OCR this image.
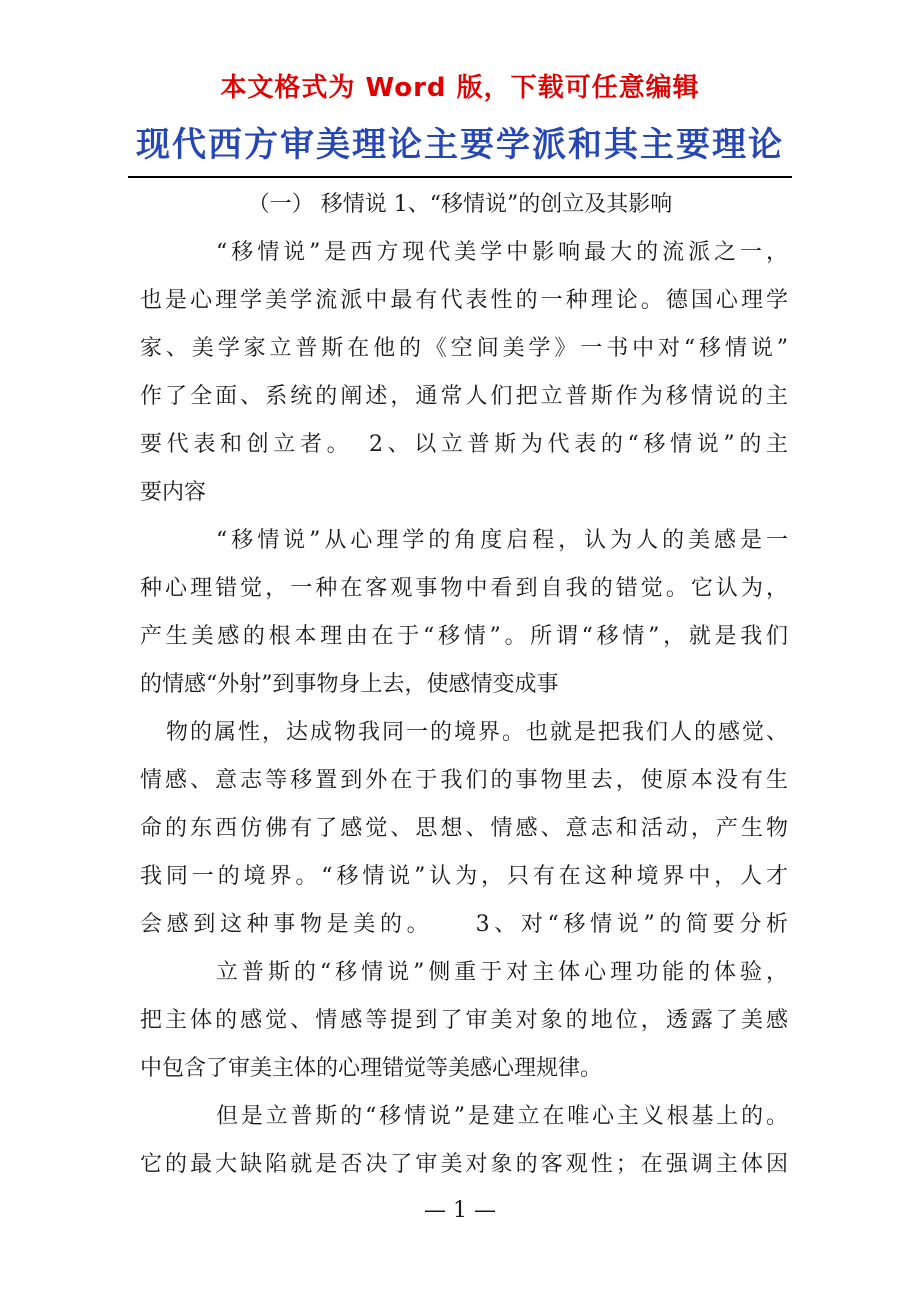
本文格式为 Word 版，下载可任意编辑
现代西方审美理论主要学派和其主要理论
（一） 移情说 1、“移情说”的创立及其影响
“移情说”是西方现代美学中影响最大的流派之一，
也是心理学美学流派中最有代表性的一种理论。德国心理学
家、美学家立普斯在他的《空间美学》一书中对“移情说”
作了全面、系统的阐述，通常人们把立普斯作为移情说的主
要代表和创立者。　2、以立普斯为代表的“移情说”的主
要内容
“移情说”从心理学的角度启程，认为人的美感是一
种心理错觉，一种在客观事物中看到自我的错觉。它认为，
产生美感的根本理由在于“移情”。所谓“移情”，就是我们
的情感“外射”到事物身上去，使感情变成事
物的属性，达成物我同一的境界。也就是把我们人的感觉、
情感、意志等移置到外在于我们的事物里去，使原本没有生
命的东西仿佛有了感觉、思想、情感、意志和活动，产生物
我同一的境界。“移情说”认为，只有在这种境界中，人才
会感到这种事物是美的。　　3、对“移情说”的简要分析
立普斯的“移情说”侧重于对主体心理功能的体验，
把主体的感觉、情感等提到了审美对象的地位，透露了美感
中包含了审美主体的心理错觉等美感心理规律。
但是立普斯的“移情说”是建立在唯心主义根基上的。
它的最大缺陷就是否决了审美对象的客观性；在强调主体因
— 1 —
